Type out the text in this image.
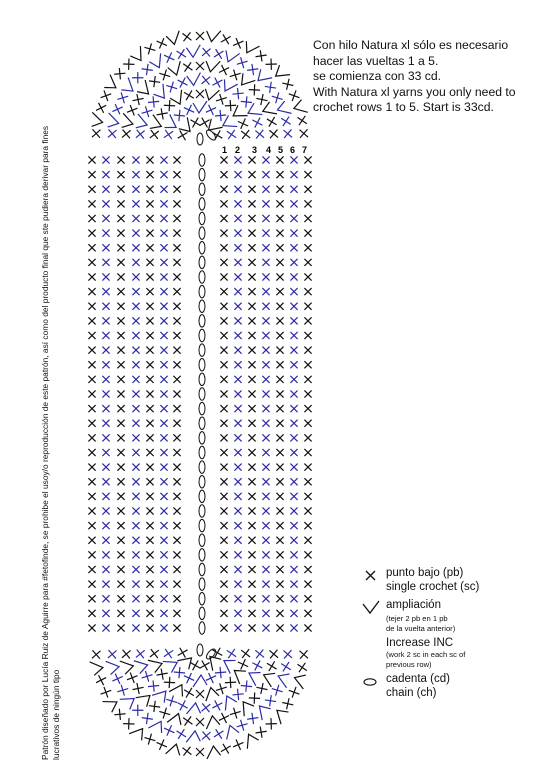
1 2 3 4 5 6 7
Con hilo Natura xl sólo es necesario
hacer las vueltas 1 a 5.
se comienza con 33 cd.
With Natura xl yarns you only need to
crochet rows 1 to 5. Start is 33cd.
Patrón diseñado por Lucía Ruiz de Aguirre para #fetofinde, se prohibe el usoy/o reproducción de este patrón, así como del producto final que ste pudiera derivar para fines lucrativos de ningún tipo
punto bajo (pb)
single crochet (sc)
ampliación
(tejer 2 pb en 1 pb
de la vuelta anterior)
Increase INC
(work 2 sc in each sc of
previous row)
cadenta (cd)
chain (ch)
